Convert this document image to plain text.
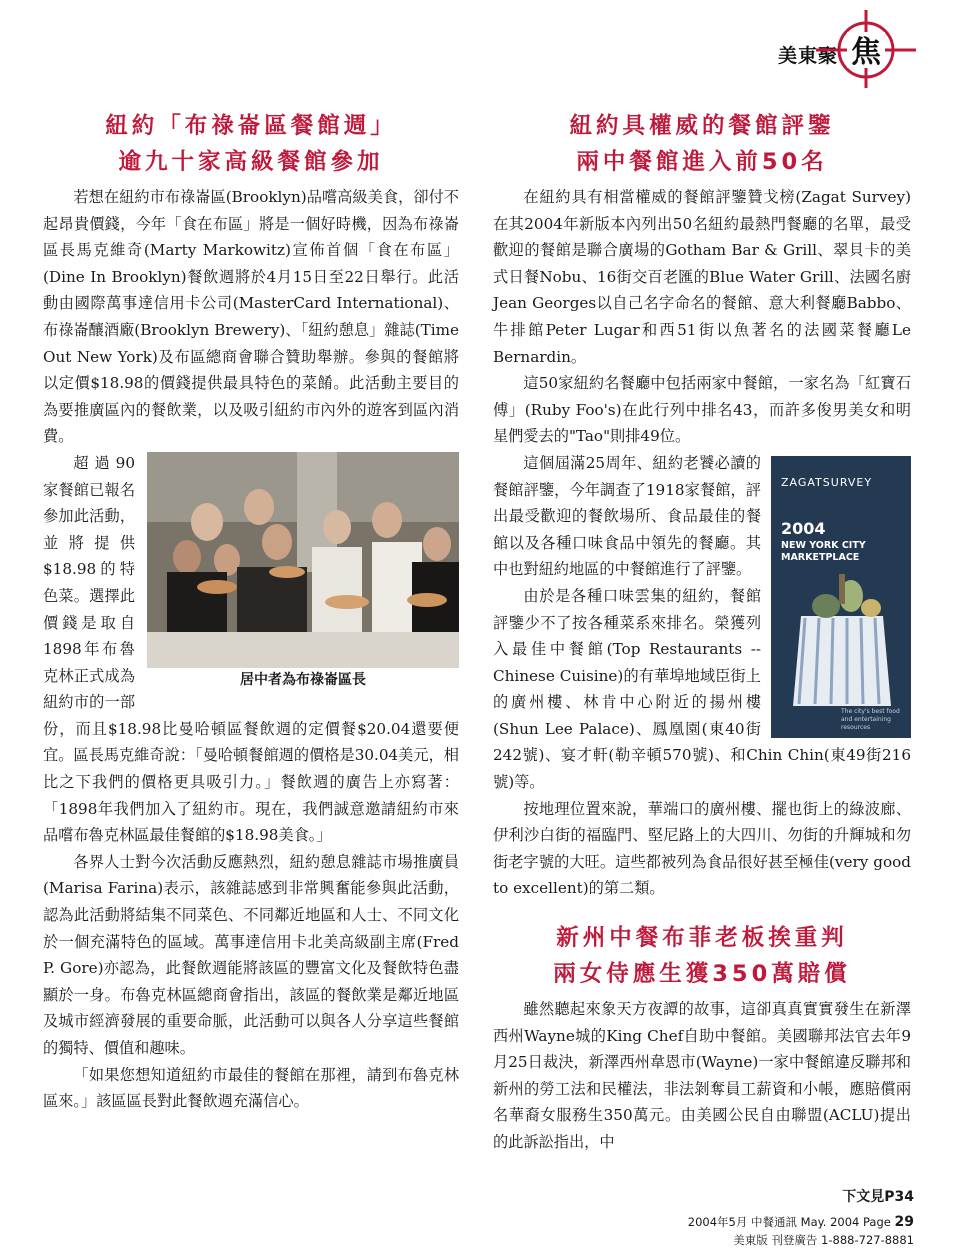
美東聚 焦
紐約「布祿崙區餐館週」
逾九十家高級餐館參加

若想在紐約市布祿崙區(Brooklyn)品嚐高級美食，卻付不起昂貴價錢，今年「食在布區」將是一個好時機，因為布祿崙區長馬克維奇(Marty Markowitz)宣佈首個「食在布區」(Dine In Brooklyn)餐飲週將於4月15日至22日舉行。此活動由國際萬事達信用卡公司(MasterCard International)、布祿崙釀酒廠(Brooklyn Brewery)、「紐約憩息」雜誌(Time Out New York)及布區總商會聯合贊助舉辦。參與的餐館將以定價$18.98的價錢提供最具特色的菜餚。此活動主要目的為要推廣區內的餐飲業，以及吸引紐約市內外的遊客到區內消費。

居中者為布祿崙區長

超過90家餐館已報名參加此活動，並將提供$18.98的特色菜。選擇此價錢是取自1898年布魯克林正式成為紐約市的一部份，而且$18.98比曼哈頓區餐飲週的定價餐$20.04還要便宜。區長馬克維奇說：「曼哈頓餐館週的價格是30.04美元，相比之下我們的價格更具吸引力。」餐飲週的廣告上亦寫著：「1898年我們加入了紐約市。現在，我們誠意邀請紐約市來品嚐布魯克林區最佳餐館的$18.98美食。」

各界人士對今次活動反應熱烈，紐約憩息雜誌市場推廣員(Marisa Farina)表示，該雜誌感到非常興奮能參與此活動，認為此活動將結集不同菜色、不同鄰近地區和人士、不同文化於一個充滿特色的區域。萬事達信用卡北美高級副主席(Fred P. Gore)亦認為，此餐飲週能將該區的豐富文化及餐飲特色盡顯於一身。布魯克林區總商會指出，該區的餐飲業是鄰近地區及城市經濟發展的重要命脈，此活動可以與各人分享這些餐館的獨特、價值和趣味。

「如果您想知道紐約市最佳的餐館在那裡，請到布魯克林區來。」該區區長對此餐飲週充滿信心。

紐約具權威的餐館評鑒
兩中餐館進入前50名

在紐約具有相當權威的餐館評鑒贊戈榜(Zagat Survey)在其2004年新版本內列出50名紐約最熱門餐廳的名單，最受歡迎的餐館是聯合廣場的Gotham Bar & Grill、翠貝卡的美式日餐Nobu、16街交百老匯的Blue Water Grill、法國名廚Jean Georges以自己名字命名的餐館、意大利餐廳Babbo、牛排館Peter Lugar和西51街以魚著名的法國菜餐廳Le Bernardin。

這50家紐約名餐廳中包括兩家中餐館，一家名為「紅寶石傅」(Ruby Foo's)在此行列中排名43，而許多俊男美女和明星們愛去的"Tao"則排49位。

ZAGATSURVEY
2004
NEW YORK CITY MARKETPLACE
The city's best food and entertaining resources

這個屆滿25周年、紐約老饕必讀的餐館評鑒，今年調查了1918家餐館，評出最受歡迎的餐飲場所、食品最佳的餐館以及各種口味食品中領先的餐廳。其中也對紐約地區的中餐館進行了評鑒。

由於是各種口味雲集的紐約，餐館評鑒少不了按各種菜系來排名。榮獲列入最佳中餐館(Top Restaurants --Chinese Cuisine)的有華埠地域臣街上的廣州樓、林肯中心附近的揚州樓(Shun Lee Palace)、鳳凰園(東40街242號)、宴才軒(勒辛頓570號)、和Chin Chin(東49街216號)等。

按地理位置來說，華端口的廣州樓、擺也街上的綠波廊、伊利沙白街的福臨門、堅尼路上的大四川、勿街的升輝城和勿街老字號的大旺。這些都被列為食品很好甚至極佳(very good to excellent)的第二類。

新州中餐布菲老板挨重判
兩女侍應生獲350萬賠償

雖然聽起來象天方夜譚的故事，這卻真真實實發生在新澤西州Wayne城的King Chef自助中餐館。美國聯邦法官去年9月25日裁決，新澤西州韋恩市(Wayne)一家中餐館違反聯邦和新州的勞工法和民權法，非法剝奪員工薪資和小帳，應賠償兩名華裔女服務生350萬元。由美國公民自由聯盟(ACLU)提出的此訴訟指出，中

下文見P34
2004年5月 中餐通訊 May. 2004 Page 29
美東版 刊登廣告 1-888-727-8881
